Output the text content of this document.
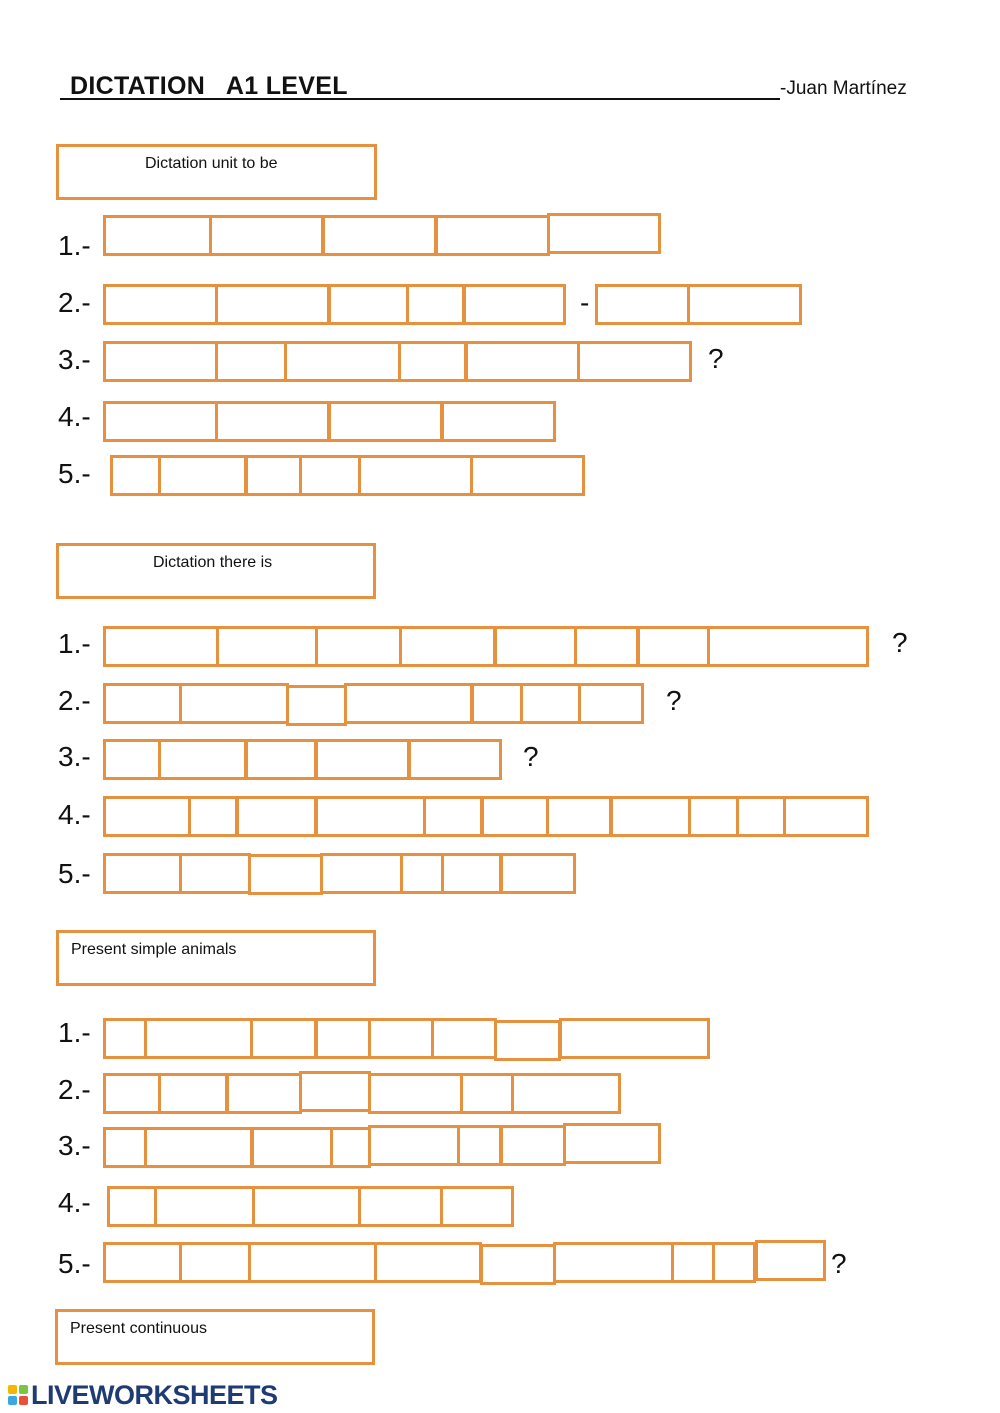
DICTATION   A1 LEVEL	-Juan Martínez
Dictation unit to be
1.-
2.-
3.-
4.-
5.-
-
?
Dictation there is
1.-
2.-
3.-
4.-
5.-
?
?
?
Present simple animals
1.-
2.-
3.-
4.-
5.-	?
Present continuous
LIVEWORKSHEETS
